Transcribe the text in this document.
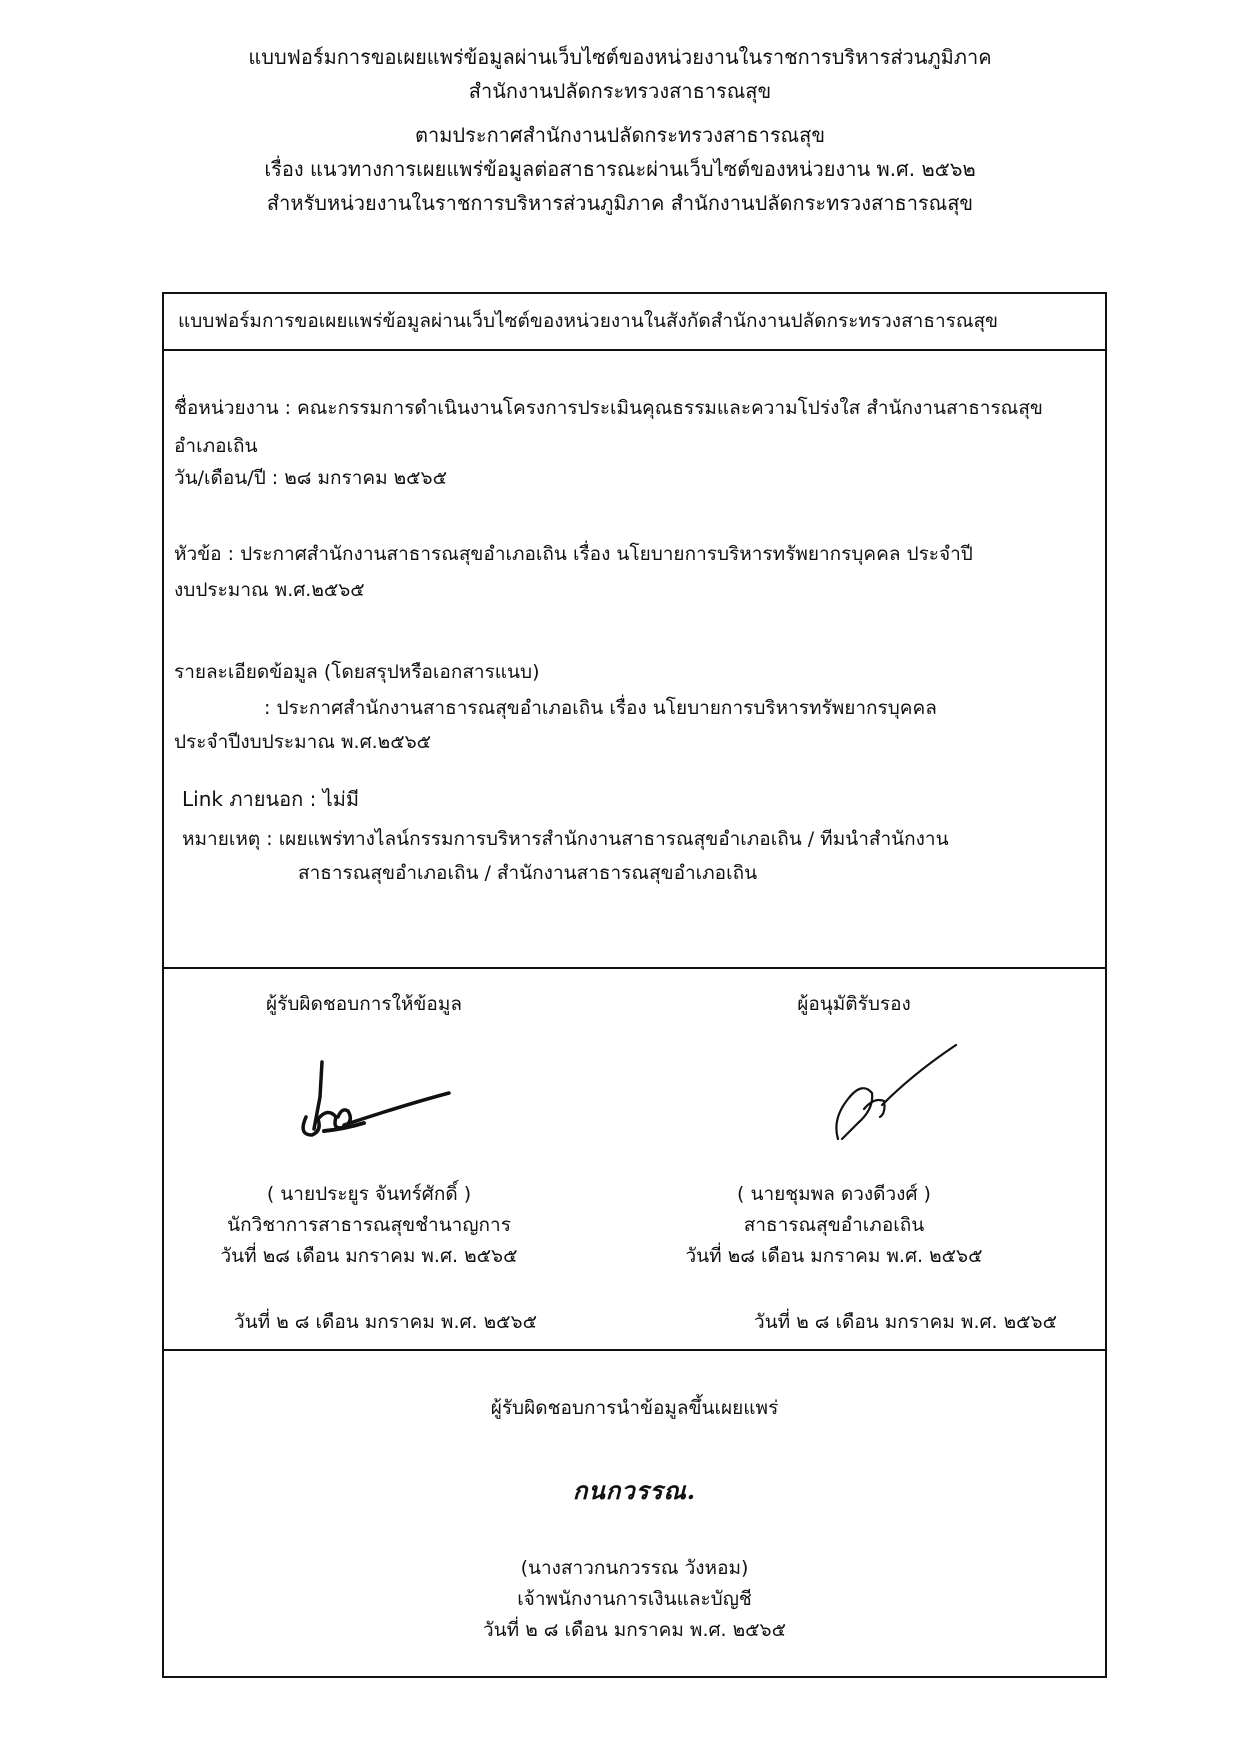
แบบฟอร์มการขอเผยแพร่ข้อมูลผ่านเว็บไซต์ของหน่วยงานในราชการบริหารส่วนภูมิภาค
สำนักงานปลัดกระทรวงสาธารณสุข
ตามประกาศสำนักงานปลัดกระทรวงสาธารณสุข
เรื่อง แนวทางการเผยแพร่ข้อมูลต่อสาธารณะผ่านเว็บไซต์ของหน่วยงาน พ.ศ. ๒๕๖๒
สำหรับหน่วยงานในราชการบริหารส่วนภูมิภาค สำนักงานปลัดกระทรวงสาธารณสุข
แบบฟอร์มการขอเผยแพร่ข้อมูลผ่านเว็บไซต์ของหน่วยงานในสังกัดสำนักงานปลัดกระทรวงสาธารณสุข
ชื่อหน่วยงาน : คณะกรรมการดำเนินงานโครงการประเมินคุณธรรมและความโปร่งใส สำนักงานสาธารณสุข
อำเภอเถิน
วัน/เดือน/ปี : ๒๘ มกราคม ๒๕๖๕
หัวข้อ : ประกาศสำนักงานสาธารณสุขอำเภอเถิน เรื่อง นโยบายการบริหารทรัพยากรบุคคล ประจำปี
งบประมาณ พ.ศ.๒๕๖๕
รายละเอียดข้อมูล (โดยสรุปหรือเอกสารแนบ)
: ประกาศสำนักงานสาธารณสุขอำเภอเถิน เรื่อง นโยบายการบริหารทรัพยากรบุคคล
ประจำปีงบประมาณ พ.ศ.๒๕๖๕
Link ภายนอก : ไม่มี
หมายเหตุ : เผยแพร่ทางไลน์กรรมการบริหารสำนักงานสาธารณสุขอำเภอเถิน / ทีมนำสำนักงาน
สาธารณสุขอำเภอเถิน / สำนักงานสาธารณสุขอำเภอเถิน
ผู้รับผิดชอบการให้ข้อมูล
( นายประยูร จันทร์ศักดิ์ )
นักวิชาการสาธารณสุขชำนาญการ
วันที่ ๒๘ เดือน มกราคม พ.ศ. ๒๕๖๕
วันที่ ๒ ๘ เดือน มกราคม พ.ศ. ๒๕๖๕
ผู้อนุมัติรับรอง
( นายชุมพล ดวงดีวงศ์ )
สาธารณสุขอำเภอเถิน
วันที่ ๒๘ เดือน มกราคม พ.ศ. ๒๕๖๕
วันที่ ๒ ๘ เดือน มกราคม พ.ศ. ๒๕๖๕
ผู้รับผิดชอบการนำข้อมูลขึ้นเผยแพร่
กนกวรรณ.
(นางสาวกนกวรรณ วังหอม)
เจ้าพนักงานการเงินและบัญชี
วันที่ ๒ ๘ เดือน มกราคม พ.ศ. ๒๕๖๕
